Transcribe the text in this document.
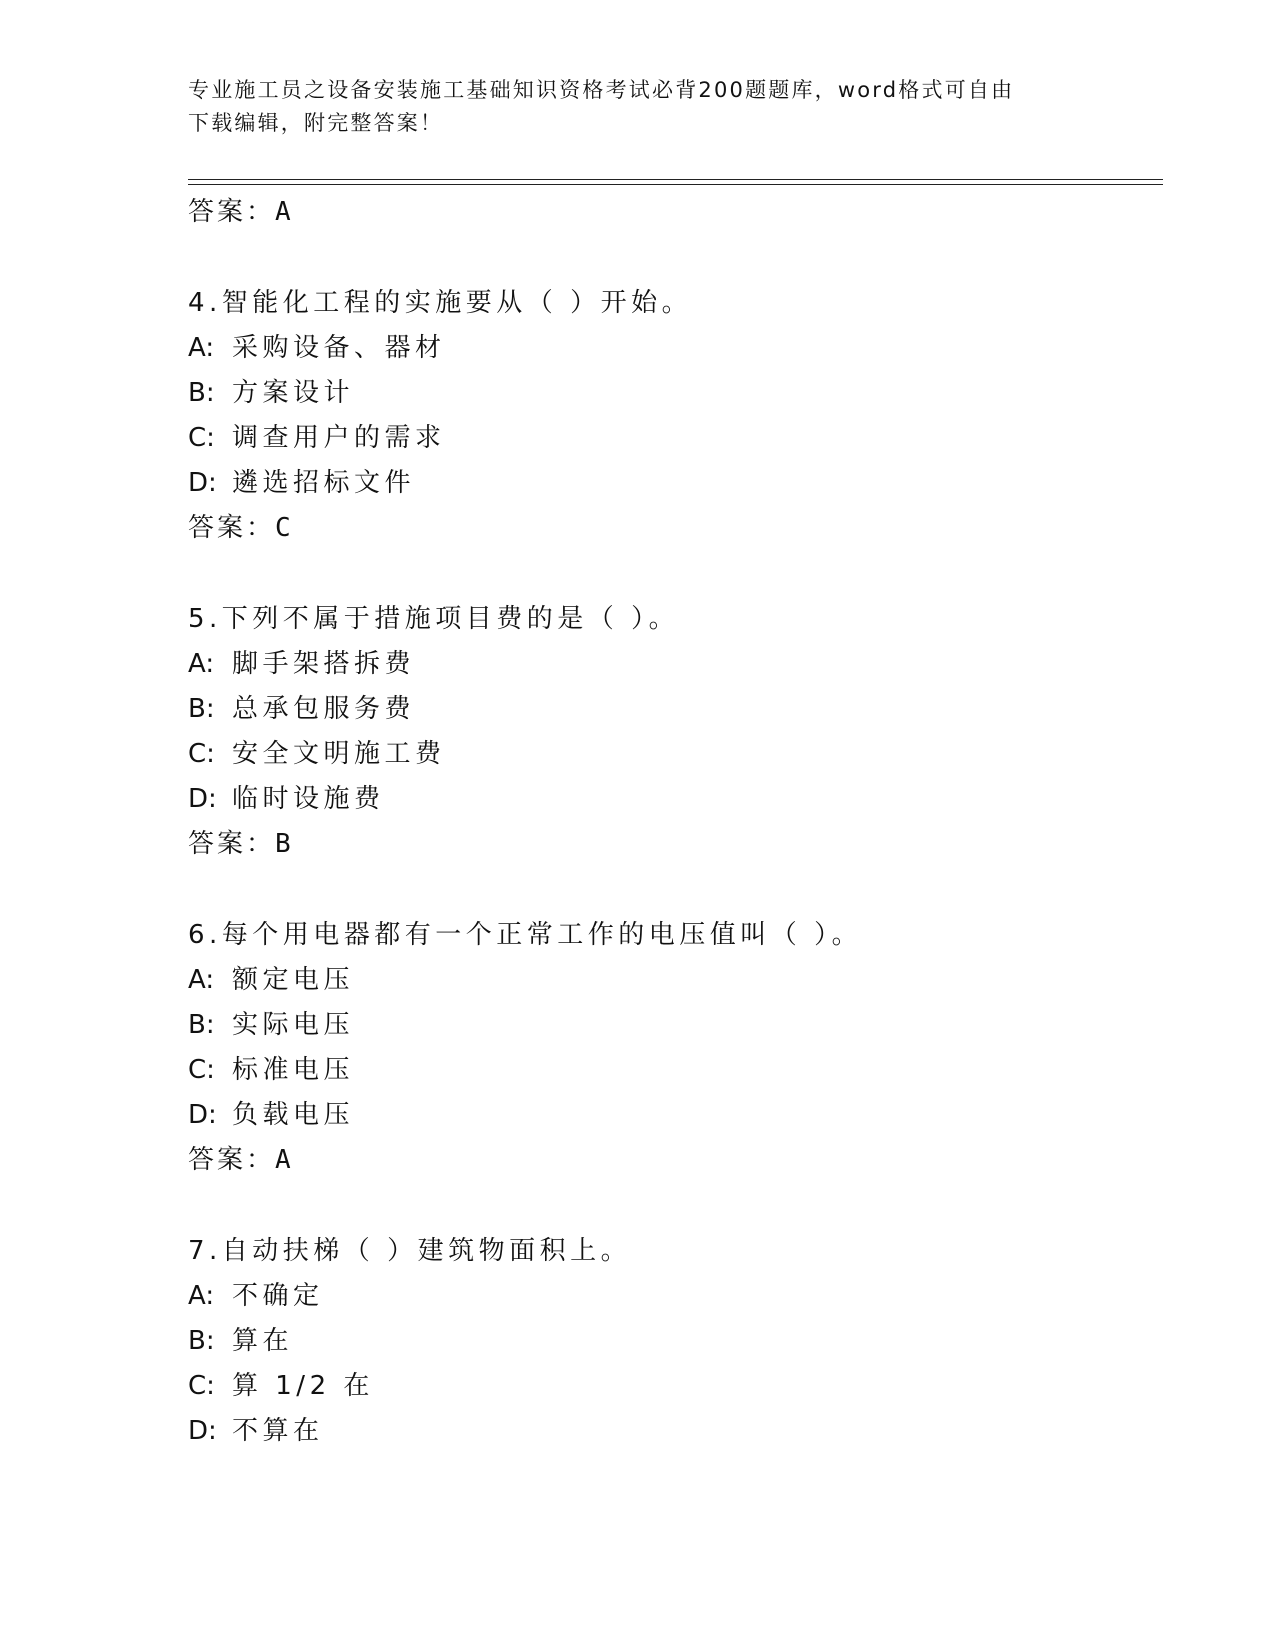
专业施工员之设备安装施工基础知识资格考试必背200题题库，word格式可自由
下载编辑，附完整答案！
答案：A
4.智能化工程的实施要从（ ）开始。
A: 采购设备、器材
B: 方案设计
C: 调查用户的需求
D: 遴选招标文件
答案：C
5.下列不属于措施项目费的是（ ）。
A: 脚手架搭拆费
B: 总承包服务费
C: 安全文明施工费
D: 临时设施费
答案：B
6.每个用电器都有一个正常工作的电压值叫（ ）。
A: 额定电压
B: 实际电压
C: 标准电压
D: 负载电压
答案：A
7.自动扶梯（ ）建筑物面积上。
A: 不确定
B: 算在
C: 算 1/2 在
D: 不算在
